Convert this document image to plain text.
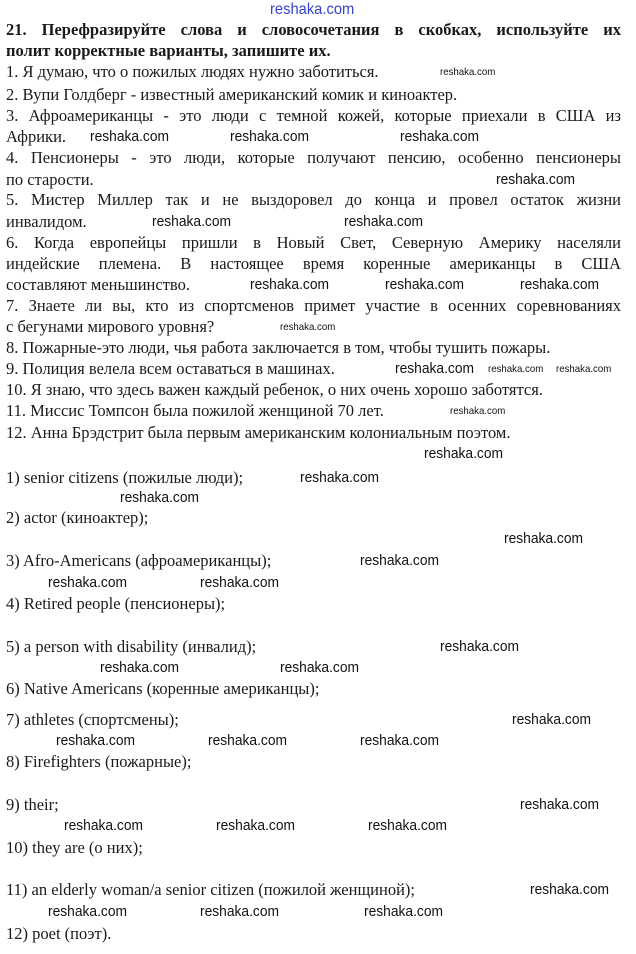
reshaka.com
21. Перефразируйте слова и словосочетания в скобках, используйте их
полит корректные варианты, запишите их.
1. Я думаю, что о пожилых людях нужно заботиться.
2. Вупи Голдберг - известный американский комик и киноактер.
3. Афроамериканцы - это люди с темной кожей, которые приехали в США из
Африки.
4. Пенсионеры - это люди, которые получают пенсию, особенно пенсионеры
по старости.
5. Мистер Миллер так и не выздоровел до конца и провел остаток жизни
инвалидом.
6. Когда европейцы пришли в Новый Свет, Северную Америку населяли
индейские племена. В настоящее время коренные американцы в США
составляют меньшинство.
7. Знаете ли вы, кто из спортсменов примет участие в осенних соревнованиях
с бегунами мирового уровня?
8. Пожарные-это люди, чья работа заключается в том, чтобы тушить пожары.
9. Полиция велела всем оставаться в машинах.
10. Я знаю, что здесь важен каждый ребенок, о них очень хорошо заботятся.
11. Миссис Томпсон была пожилой женщиной 70 лет.
12. Анна Брэдстрит была первым американским колониальным поэтом.
1) senior citizens (пожилые люди);
2) actor (киноактер);
3) Afro-Americans (афроамериканцы);
4) Retired people (пенсионеры);
5) a person with disability (инвалид);
6) Native Americans (коренные американцы);
7) athletes (спортсмены);
8) Firefighters (пожарные);
9) their;
10) they are (о них);
11) an elderly woman/a senior citizen (пожилой женщиной);
12) poet (поэт).
reshaka.com
reshaka.com	reshaka.com	reshaka.com
reshaka.com
reshaka.com	reshaka.com
reshaka.com	reshaka.com	reshaka.com
reshaka.com
reshaka.com reshaka.com reshaka.com
reshaka.com
reshaka.com
reshaka.com
reshaka.com
reshaka.com
reshaka.com
reshaka.com	reshaka.com
reshaka.com
reshaka.com	reshaka.com
reshaka.com
reshaka.com	reshaka.com	reshaka.com
reshaka.com
reshaka.com	reshaka.com	reshaka.com
reshaka.com
reshaka.com	reshaka.com	reshaka.com
